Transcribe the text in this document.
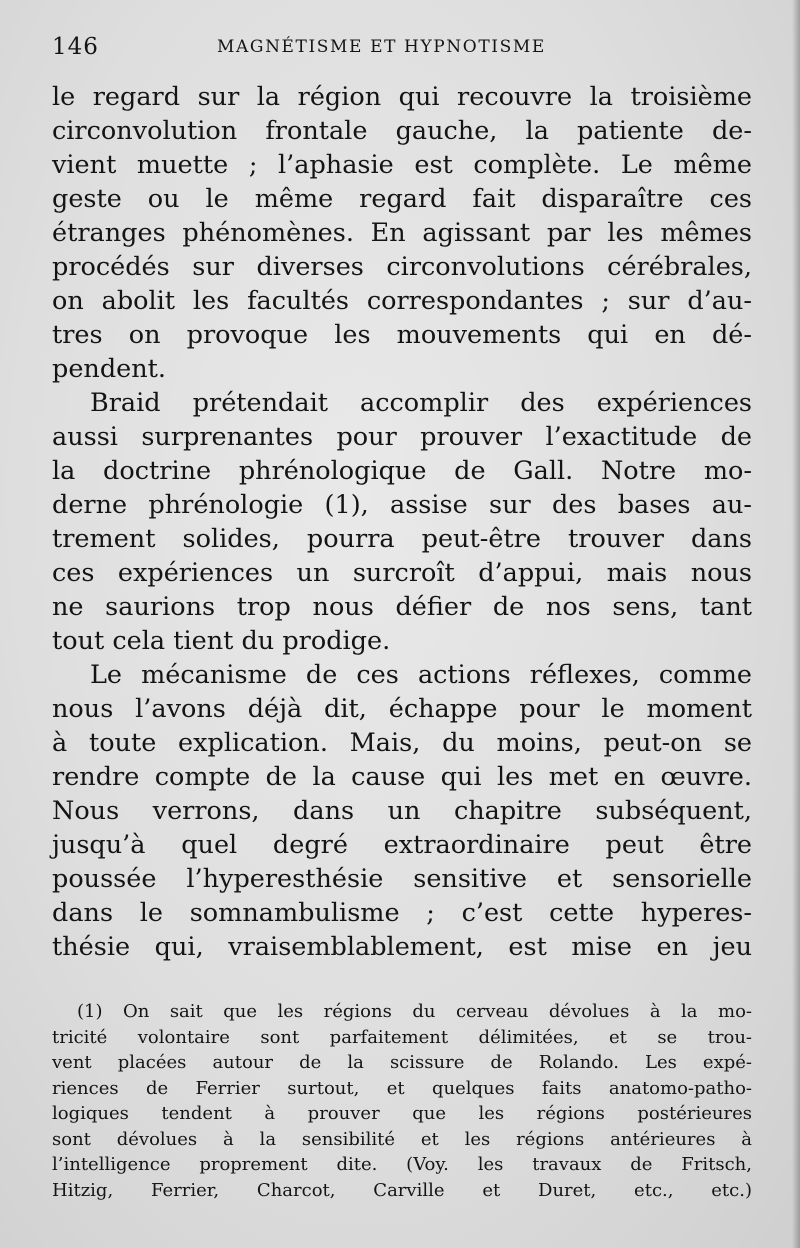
146	MAGNÉTISME ET HYPNOTISME
le regard sur la région qui recouvre la troisième
circonvolution frontale gauche, la patiente de-
vient muette ; l’aphasie est complète. Le même
geste ou le même regard fait disparaître ces
étranges phénomènes. En agissant par les mêmes
procédés sur diverses circonvolutions cérébrales,
on abolit les facultés correspondantes ; sur d’au-
tres on provoque les mouvements qui en dé-
pendent.
Braid prétendait accomplir des expériences
aussi surprenantes pour prouver l’exactitude de
la doctrine phrénologique de Gall. Notre mo-
derne phrénologie (1), assise sur des bases au-
trement solides, pourra peut-être trouver dans
ces expériences un surcroît d’appui, mais nous
ne saurions trop nous défier de nos sens, tant
tout cela tient du prodige.
Le mécanisme de ces actions réflexes, comme
nous l’avons déjà dit, échappe pour le moment
à toute explication. Mais, du moins, peut-on se
rendre compte de la cause qui les met en œuvre.
Nous verrons, dans un chapitre subséquent,
jusqu’à quel degré extraordinaire peut être
poussée l’hyperesthésie sensitive et sensorielle
dans le somnambulisme ; c’est cette hyperes-
thésie qui, vraisemblablement, est mise en jeu
(1) On sait que les régions du cerveau dévolues à la mo-
tricité volontaire sont parfaitement délimitées, et se trou-
vent placées autour de la scissure de Rolando. Les expé-
riences de Ferrier surtout, et quelques faits anatomo-patho-
logiques tendent à prouver que les régions postérieures
sont dévolues à la sensibilité et les régions antérieures à
l’intelligence proprement dite. (Voy. les travaux de Fritsch,
Hitzig, Ferrier, Charcot, Carville et Duret, etc., etc.)
